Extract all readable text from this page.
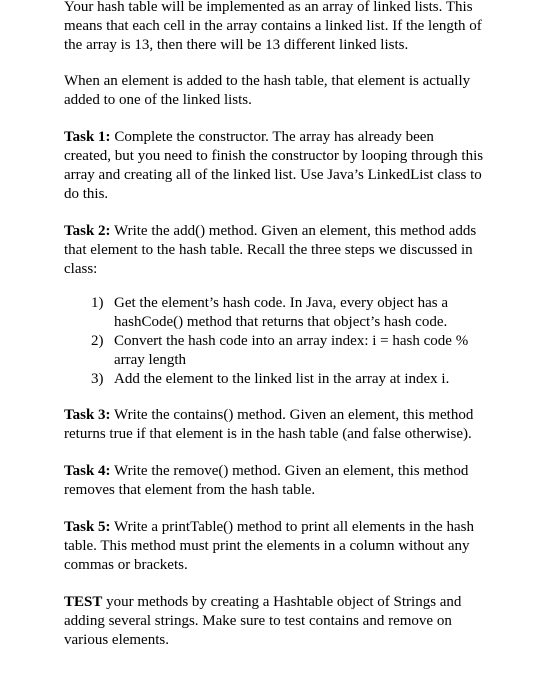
Your hash table will be implemented as an array of linked lists. This means that each cell in the array contains a linked list. If the length of the array is 13, then there will be 13 different linked lists.

When an element is added to the hash table, that element is actually added to one of the linked lists.

Task 1: Complete the constructor. The array has already been created, but you need to finish the constructor by looping through this array and creating all of the linked list. Use Java’s LinkedList class to do this.

Task 2: Write the add() method. Given an element, this method adds that element to the hash table. Recall the three steps we discussed in class:

1) Get the element’s hash code. In Java, every object has a hashCode() method that returns that object’s hash code.
2) Convert the hash code into an array index: i = hash code % array length
3) Add the element to the linked list in the array at index i.

Task 3: Write the contains() method. Given an element, this method returns true if that element is in the hash table (and false otherwise).

Task 4: Write the remove() method. Given an element, this method removes that element from the hash table.

Task 5: Write a printTable() method to print all elements in the hash table. This method must print the elements in a column without any commas or brackets.

TEST your methods by creating a Hashtable object of Strings and adding several strings. Make sure to test contains and remove on various elements.
